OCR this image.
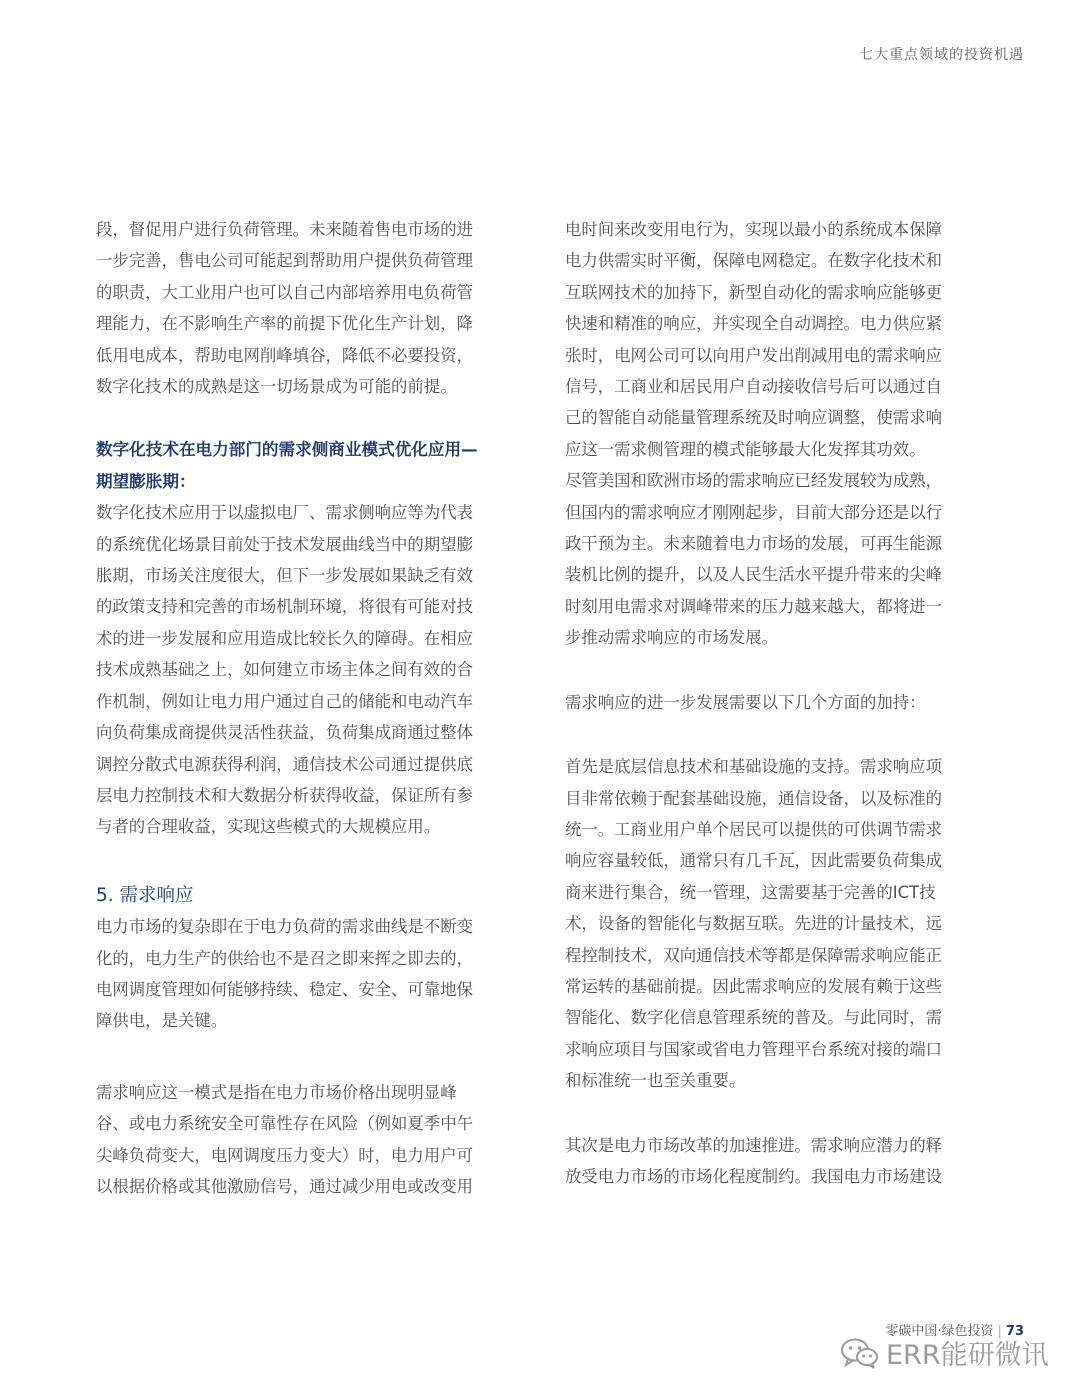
七大重点领域的投资机遇
段，督促用户进行负荷管理。未来随着售电市场的进
一步完善，售电公司可能起到帮助用户提供负荷管理
的职责，大工业用户也可以自己内部培养用电负荷管
理能力，在不影响生产率的前提下优化生产计划，降
低用电成本，帮助电网削峰填谷，降低不必要投资，
数字化技术的成熟是这一切场景成为可能的前提。
数字化技术在电力部门的需求侧商业模式优化应用—
期望膨胀期：
数字化技术应用于以虚拟电厂、需求侧响应等为代表
的系统优化场景目前处于技术发展曲线当中的期望膨
胀期，市场关注度很大，但下一步发展如果缺乏有效
的政策支持和完善的市场机制环境，将很有可能对技
术的进一步发展和应用造成比较长久的障碍。在相应
技术成熟基础之上，如何建立市场主体之间有效的合
作机制，例如让电力用户通过自己的储能和电动汽车
向负荷集成商提供灵活性获益，负荷集成商通过整体
调控分散式电源获得利润，通信技术公司通过提供底
层电力控制技术和大数据分析获得收益，保证所有参
与者的合理收益，实现这些模式的大规模应用。
5. 需求响应
电力市场的复杂即在于电力负荷的需求曲线是不断变
化的，电力生产的供给也不是召之即来挥之即去的，
电网调度管理如何能够持续、稳定、安全、可靠地保
障供电，是关键。
需求响应这一模式是指在电力市场价格出现明显峰
谷、或电力系统安全可靠性存在风险（例如夏季中午
尖峰负荷变大，电网调度压力变大）时，电力用户可
以根据价格或其他激励信号，通过减少用电或改变用
电时间来改变用电行为，实现以最小的系统成本保障
电力供需实时平衡，保障电网稳定。在数字化技术和
互联网技术的加持下，新型自动化的需求响应能够更
快速和精准的响应，并实现全自动调控。电力供应紧
张时，电网公司可以向用户发出削减用电的需求响应
信号，工商业和居民用户自动接收信号后可以通过自
己的智能自动能量管理系统及时响应调整，使需求响
应这一需求侧管理的模式能够最大化发挥其功效。
尽管美国和欧洲市场的需求响应已经发展较为成熟，
但国内的需求响应才刚刚起步，目前大部分还是以行
政干预为主。未来随着电力市场的发展，可再生能源
装机比例的提升，以及人民生活水平提升带来的尖峰
时刻用电需求对调峰带来的压力越来越大，都将进一
步推动需求响应的市场发展。
需求响应的进一步发展需要以下几个方面的加持：
首先是底层信息技术和基础设施的支持。需求响应项
目非常依赖于配套基础设施，通信设备，以及标准的
统一。工商业用户单个居民可以提供的可供调节需求
响应容量较低，通常只有几千瓦，因此需要负荷集成
商来进行集合，统一管理，这需要基于完善的ICT技
术，设备的智能化与数据互联。先进的计量技术，远
程控制技术，双向通信技术等都是保障需求响应能正
常运转的基础前提。因此需求响应的发展有赖于这些
智能化、数字化信息管理系统的普及。与此同时，需
求响应项目与国家或省电力管理平台系统对接的端口
和标准统一也至关重要。
其次是电力市场改革的加速推进。需求响应潜力的释
放受电力市场的市场化程度制约。我国电力市场建设
零碳中国·绿色投资 | 73
ERR能研微讯
